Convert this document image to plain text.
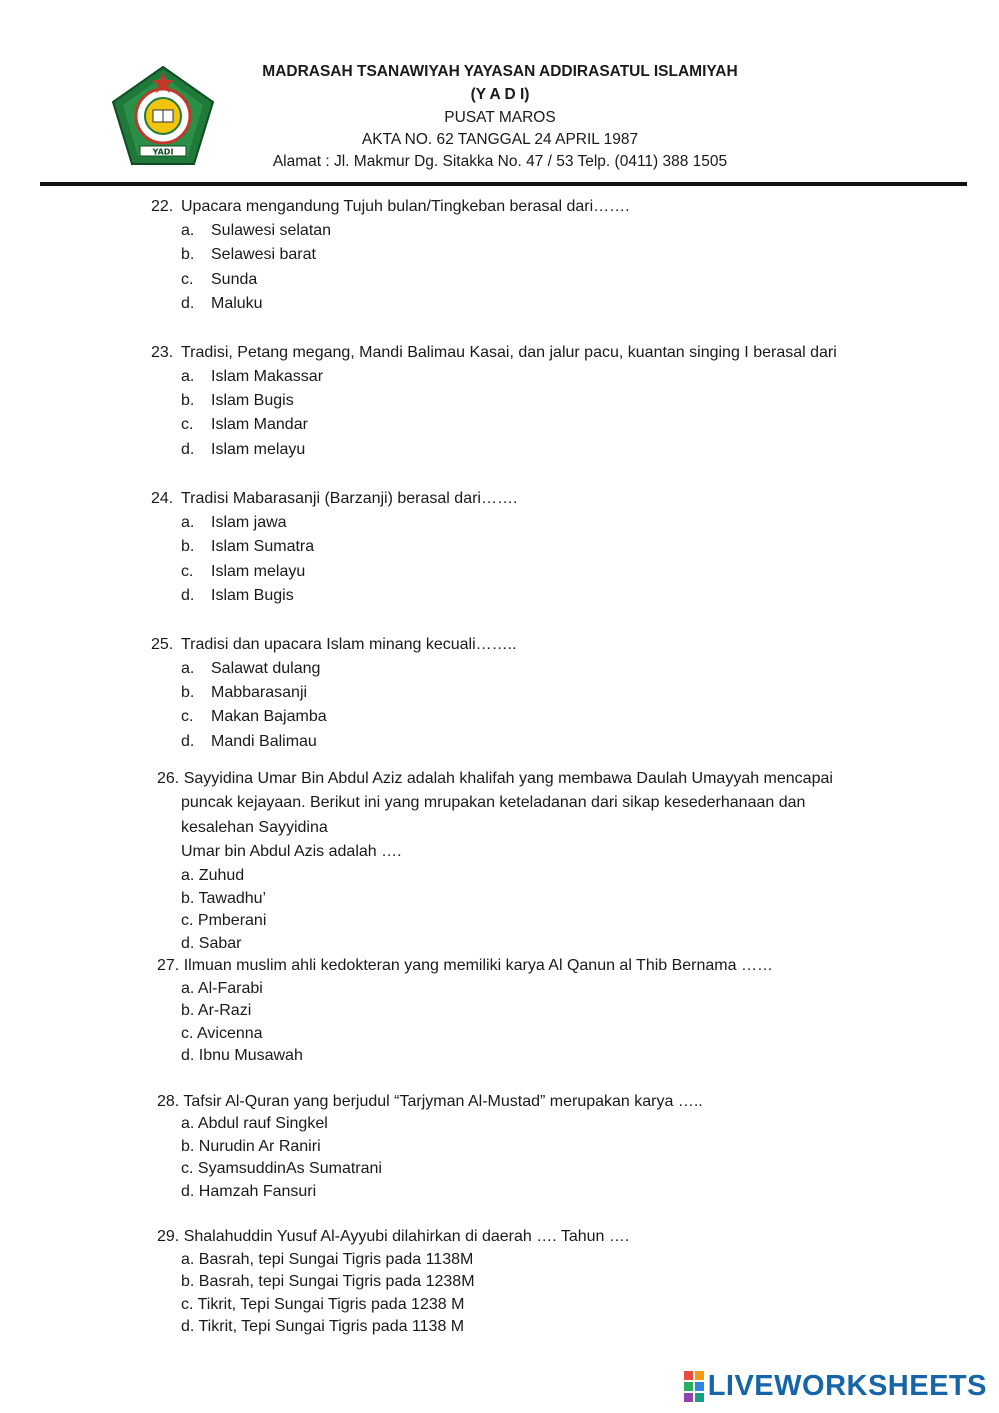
YADI
MADRASAH TSANAWIYAH YAYASAN ADDIRASATUL ISLAMIYAH
(Y A D I)
PUSAT MAROS
AKTA NO. 62 TANGGAL 24 APRIL 1987
Alamat : Jl. Makmur Dg. Sitakka No. 47 / 53 Telp. (0411) 388 1505
22. Upacara mengandung Tujuh bulan/Tingkeban berasal dari…….
a. Sulawesi selatan
b. Selawesi barat
c. Sunda
d. Maluku
23. Tradisi, Petang megang, Mandi Balimau Kasai, dan jalur pacu, kuantan singing I berasal dari
a. Islam Makassar
b. Islam Bugis
c. Islam Mandar
d. Islam melayu
24. Tradisi Mabarasanji (Barzanji) berasal dari…….
a. Islam jawa
b. Islam Sumatra
c. Islam melayu
d. Islam Bugis
25. Tradisi dan upacara Islam minang kecuali……..
a. Salawat dulang
b. Mabbarasanji
c. Makan Bajamba
d. Mandi Balimau
26. Sayyidina Umar Bin Abdul Aziz adalah khalifah yang membawa Daulah Umayyah mencapai
puncak kejayaan. Berikut ini yang mrupakan keteladanan dari sikap kesederhanaan dan
kesalehan Sayyidina
Umar bin Abdul Azis adalah ….
a. Zuhud
b. Tawadhu’
c. Pmberani
d. Sabar
27. Ilmuan muslim ahli kedokteran yang memiliki karya Al Qanun al Thib Bernama ……
a. Al-Farabi
b. Ar-Razi
c. Avicenna
d. Ibnu Musawah
28. Tafsir Al-Quran yang berjudul “Tarjyman Al-Mustad” merupakan karya …..
a. Abdul rauf Singkel
b. Nurudin Ar Raniri
c. SyamsuddinAs Sumatrani
d. Hamzah Fansuri
29. Shalahuddin Yusuf Al-Ayyubi dilahirkan di daerah …. Tahun ….
a. Basrah, tepi Sungai Tigris pada 1138M
b. Basrah, tepi Sungai Tigris pada 1238M
c. Tikrit, Tepi Sungai Tigris pada 1238 M
d. Tikrit, Tepi Sungai Tigris pada 1138 M
LIVEWORKSHEETS
